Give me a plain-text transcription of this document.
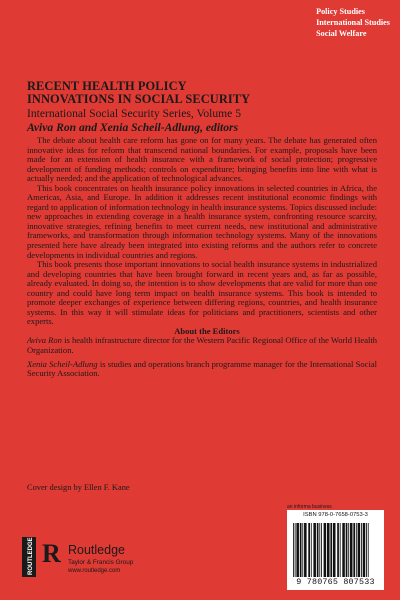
Policy Studies
International Studies
Social Welfare
RECENT HEALTH POLICY
INNOVATIONS IN SOCIAL SECURITY
International Social Security Series, Volume 5
Aviva Ron and Xenia Scheil-Adlung, editors

The debate about health care reform has gone on for many years. The debate has generated often innovative ideas for reform that transcend national boundaries. For example, proposals have been made for an extension of health insurance with a framework of social protection; progressive development of funding methods; controls on expenditure; bringing benefits into line with what is actually needed; and the application of technological advances.

This book concentrates on health insurance policy innovations in selected countries in Africa, the Americas, Asia, and Europe. In addition it addresses recent institutional economic findings with regard to application of information technology in health insurance systems. Topics discussed include: new approaches in extending coverage in a health insurance system, confronting resource scarcity, innovative strategies, refining benefits to meet current needs, new institutional and administrative frameworks, and transformation through information technology systems. Many of the innovations presented here have already been integrated into existing reforms and the authors refer to concrete developments in individual countries and regions.

This book presents those important innovations to social health insurance systems in industrialized and developing countries that have been brought forward in recent years and, as far as possible, already evaluated. In doing so, the intention is to show developments that are valid for more than one country and could have long term impact on health insurance systems. This book is intended to promote deeper exchanges of experience between differing regions, countries, and health insurance systems. In this way it will stimulate ideas for politicians and practitioners, scientists and other experts.

About the Editors

Aviva Ron is health infrastructure director for the Western Pacific Regional Office of the World Health Organization.

Xenia Scheil-Adlung is studies and operations branch programme manager for the International Social Security Association.

Cover design by Ellen F. Kane
ROUTLEDGE R Routledge
Taylor & Francis Group
www.routledge.com
an informa business
ISBN 978-0-7658-0753-3
9 780765 807533
